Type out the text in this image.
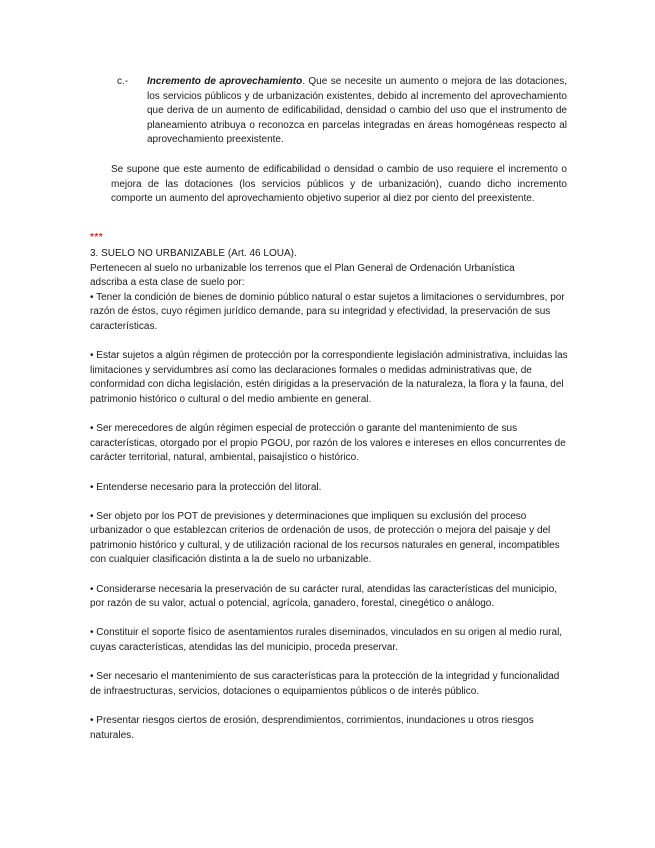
c.-	Incremento de aprovechamiento. Que se necesite un aumento o mejora de las dotaciones, los servicios públicos y de urbanización existentes, debido al incremento del aprovechamiento que deriva de un aumento de edificabilidad, densidad o cambio del uso que el instrumento de planeamiento atribuya o reconozca en parcelas integradas en áreas homogéneas respecto al aprovechamiento preexistente.

Se supone que este aumento de edificabilidad o densidad o cambio de uso requiere el incremento o mejora de las dotaciones (los servicios públicos y de urbanización), cuando dicho incremento comporte un aumento del aprovechamiento objetivo superior al diez por ciento del preexistente.

***

3. SUELO NO URBANIZABLE (Art. 46 LOUA).

Pertenecen al suelo no urbanizable los terrenos que el Plan General de Ordenación Urbanística

adscriba a esta clase de suelo por:

• Tener la condición de bienes de dominio público natural o estar sujetos a limitaciones o servidumbres, por razón de éstos, cuyo régimen jurídico demande, para su integridad y efectividad, la preservación de sus características.

• Estar sujetos a algún régimen de protección por la correspondiente legislación administrativa, incluidas las limitaciones y servidumbres así como las declaraciones formales o medidas administrativas que, de conformidad con dicha legislación, estén dirigidas a la preservación de la naturaleza, la flora y la fauna, del patrimonio histórico o cultural o del medio ambiente en general.

• Ser merecedores de algún régimen especial de protección o garante del mantenimiento de sus características, otorgado por el propio PGOU, por razón de los valores e intereses en ellos concurrentes de carácter territorial, natural, ambiental, paisajístico o histórico.

• Entenderse necesario para la protección del litoral.

• Ser objeto por los POT de previsiones y determinaciones que impliquen su exclusión del proceso urbanizador o que establezcan criterios de ordenación de usos, de protección o mejora del paisaje y del patrimonio histórico y cultural, y de utilización racional de los recursos naturales en general, incompatibles con cualquier clasificación distinta a la de suelo no urbanizable.

• Considerarse necesaria la preservación de su carácter rural, atendidas las características del municipio, por razón de su valor, actual o potencial, agrícola, ganadero, forestal, cinegético o análogo.

• Constituir el soporte físico de asentamientos rurales diseminados, vinculados en su origen al medio rural, cuyas características, atendidas las del municipio, proceda preservar.

• Ser necesario el mantenimiento de sus características para la protección de la integridad y funcionalidad de infraestructuras, servicios, dotaciones o equipamientos públicos o de interés público.

• Presentar riesgos ciertos de erosión, desprendimientos, corrimientos, inundaciones u otros riesgos naturales.
